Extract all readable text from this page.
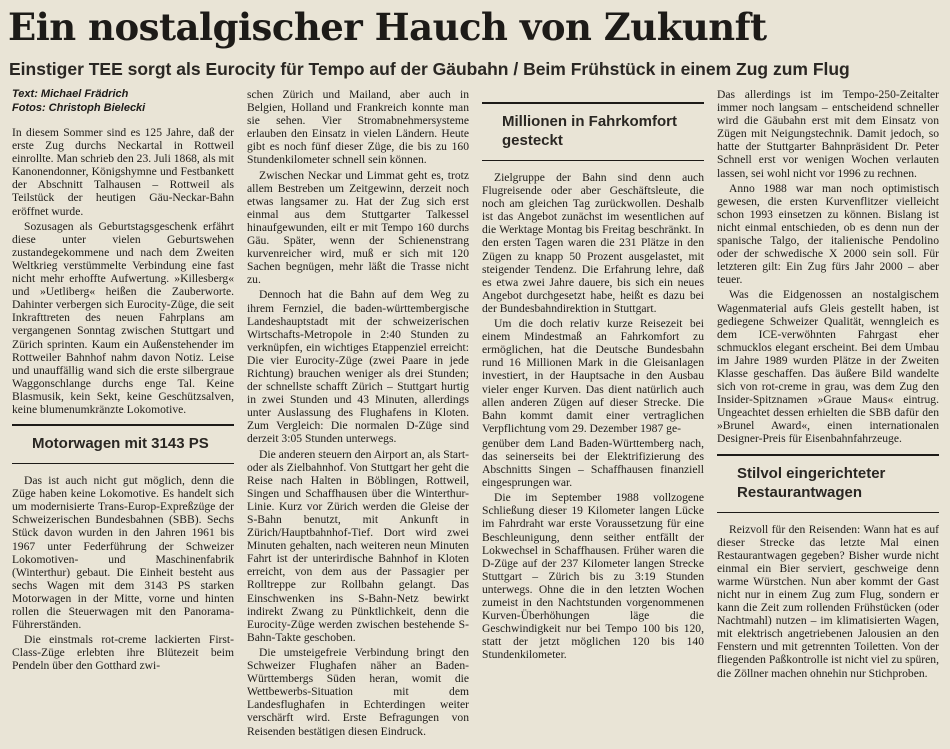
Ein nostalgischer Hauch von Zukunft
Einstiger TEE sorgt als Eurocity für Tempo auf der Gäubahn / Beim Frühstück in einem Zug zum Flug
Text: Michael Frädrich
Fotos: Christoph Bielecki

In diesem Sommer sind es 125 Jahre, daß der erste Zug durchs Neckartal in Rottweil einrollte. Man schrieb den 23. Juli 1868, als mit Kanonendonner, Königshymne und Festbankett der Abschnitt Talhausen – Rottweil als Teilstück der heutigen Gäu-Neckar-Bahn eröffnet wurde.

Sozusagen als Geburtstagsgeschenk erfährt diese unter vielen Geburtswehen zustandegekommene und nach dem Zweiten Weltkrieg verstümmelte Verbindung eine fast nicht mehr erhoffte Aufwertung. »Killesberg« und »Uetliberg« heißen die Zauberworte. Dahinter verbergen sich Eurocity-Züge, die seit Inkrafttreten des neuen Fahrplans am vergangenen Sonntag zwischen Stuttgart und Zürich sprinten. Kaum ein Außenstehender im Rottweiler Bahnhof nahm davon Notiz. Leise und unauffällig wand sich die erste silbergraue Waggonschlange durchs enge Tal. Keine Blasmusik, kein Sekt, keine Geschützsalven, keine blumenumkränzte Lokomotive.

Motorwagen mit 3143 PS

Das ist auch nicht gut möglich, denn die Züge haben keine Lokomotive. Es handelt sich um modernisierte Trans-Europ-Expreßzüge der Schweizerischen Bundesbahnen (SBB). Sechs Stück davon wurden in den Jahren 1961 bis 1967 unter Federführung der Schweizer Lokomotiven- und Maschinenfabrik (Winterthur) gebaut. Die Einheit besteht aus sechs Wagen mit dem 3143 PS starken Motorwagen in der Mitte, vorne und hinten rollen die Steuerwagen mit den Panorama-Führerständen.

Die einstmals rot-creme lackierten First-Class-Züge erlebten ihre Blütezeit beim Pendeln über den Gotthard zwi-

schen Zürich und Mailand, aber auch in Belgien, Holland und Frankreich konnte man sie sehen. Vier Stromabnehmersysteme erlauben den Einsatz in vielen Ländern. Heute gibt es noch fünf dieser Züge, die bis zu 160 Stundenkilometer schnell sein können.

Zwischen Neckar und Limmat geht es, trotz allem Bestreben um Zeitgewinn, derzeit noch etwas langsamer zu. Hat der Zug sich erst einmal aus dem Stuttgarter Talkessel hinaufgewunden, eilt er mit Tempo 160 durchs Gäu. Später, wenn der Schienenstrang kurvenreicher wird, muß er sich mit 120 Sachen begnügen, mehr läßt die Trasse nicht zu.

Dennoch hat die Bahn auf dem Weg zu ihrem Fernziel, die baden-württembergische Landeshauptstadt mit der schweizerischen Wirtschafts-Metropole in 2:40 Stunden zu verknüpfen, ein wichtiges Etappenziel erreicht: Die vier Eurocity-Züge (zwei Paare in jede Richtung) brauchen weniger als drei Stunden; der schnellste schafft Zürich – Stuttgart hurtig in zwei Stunden und 43 Minuten, allerdings unter Auslassung des Flughafens in Kloten. Zum Vergleich: Die normalen D-Züge sind derzeit 3:05 Stunden unterwegs.

Die anderen steuern den Airport an, als Start- oder als Zielbahnhof. Von Stuttgart her geht die Reise nach Halten in Böblingen, Rottweil, Singen und Schaffhausen über die Winterthur-Linie. Kurz vor Zürich werden die Gleise der S-Bahn benutzt, mit Ankunft in Zürich/Hauptbahnhof-Tief. Dort wird zwei Minuten gehalten, nach weiteren neun Minuten Fahrt ist der unterirdische Bahnhof in Kloten erreicht, von dem aus der Passagier per Rolltreppe zur Rollbahn gelangt. Das Einschwenken ins S-Bahn-Netz bewirkt indirekt Zwang zu Pünktlichkeit, denn die Eurocity-Züge werden zwischen bestehende S-Bahn-Takte geschoben.

Die umsteigefreie Verbindung bringt den Schweizer Flughafen näher an Baden-Württembergs Süden heran, womit die Wettbewerbs-Situation mit dem Landesflughafen in Echterdingen weiter verschärft wird. Erste Befragungen von Reisenden bestätigen diesen Eindruck.

Millionen in Fahrkomfort gesteckt

Zielgruppe der Bahn sind denn auch Flugreisende oder aber Geschäftsleute, die noch am gleichen Tag zurückwollen. Deshalb ist das Angebot zunächst im wesentlichen auf die Werktage Montag bis Freitag beschränkt. In den ersten Tagen waren die 231 Plätze in den Zügen zu knapp 50 Prozent ausgelastet, mit steigender Tendenz. Die Erfahrung lehre, daß es etwa zwei Jahre dauere, bis sich ein neues Angebot durchgesetzt habe, heißt es dazu bei der Bundesbahndirektion in Stuttgart.

Um die doch relativ kurze Reisezeit bei einem Mindestmaß an Fahrkomfort zu ermöglichen, hat die Deutsche Bundesbahn rund 16 Millionen Mark in die Gleisanlagen investiert, in der Hauptsache in den Ausbau vieler enger Kurven. Das dient natürlich auch allen anderen Zügen auf dieser Strecke. Die Bahn kommt damit einer vertraglichen Verpflichtung vom 29. Dezember 1987 ge-

genüber dem Land Baden-Württemberg nach, das seinerseits bei der Elektrifizierung des Abschnitts Singen – Schaffhausen finanziell eingesprungen war.

Die im September 1988 vollzogene Schließung dieser 19 Kilometer langen Lücke im Fahrdraht war erste Voraussetzung für eine Beschleunigung, denn seither entfällt der Lokwechsel in Schaffhausen. Früher waren die D-Züge auf der 237 Kilometer langen Strecke Stuttgart – Zürich bis zu 3:19 Stunden unterwegs. Ohne die in den letzten Wochen zumeist in den Nachtstunden vorgenommenen Kurven-Überhöhungen läge die Geschwindigkeit nur bei Tempo 100 bis 120, statt der jetzt möglichen 120 bis 140 Stundenkilometer.

Das allerdings ist im Tempo-250-Zeitalter immer noch langsam – entscheidend schneller wird die Gäubahn erst mit dem Einsatz von Zügen mit Neigungstechnik. Damit jedoch, so hatte der Stuttgarter Bahnpräsident Dr. Peter Schnell erst vor wenigen Wochen verlauten lassen, sei wohl nicht vor 1996 zu rechnen.

Anno 1988 war man noch optimistisch gewesen, die ersten Kurvenflitzer vielleicht schon 1993 einsetzen zu können. Bislang ist nicht einmal entschieden, ob es denn nun der spanische Talgo, der italienische Pendolino oder der schwedische X 2000 sein soll. Für letzteren gilt: Ein Zug fürs Jahr 2000 – aber teuer.

Was die Eidgenossen an nostalgischem Wagenmaterial aufs Gleis gestellt haben, ist gediegene Schweizer Qualität, wenngleich es dem ICE-verwöhnten Fahrgast eher schmucklos elegant erscheint. Bei dem Umbau im Jahre 1989 wurden Plätze in der Zweiten Klasse geschaffen. Das äußere Bild wandelte sich von rot-creme in grau, was dem Zug den Insider-Spitznamen »Graue Maus« eintrug. Ungeachtet dessen erhielten die SBB dafür den »Brunel Award«, einen internationalen Designer-Preis für Eisenbahnfahrzeuge.

Stilvol eingerichteter Restaurantwagen

Reizvoll für den Reisenden: Wann hat es auf dieser Strecke das letzte Mal einen Restaurantwagen gegeben? Bisher wurde nicht einmal ein Bier serviert, geschweige denn warme Würstchen. Nun aber kommt der Gast nicht nur in einem Zug zum Flug, sondern er kann die Zeit zum rollenden Frühstücken (oder Nachtmahl) nutzen – im klimatisierten Wagen, mit elektrisch angetriebenen Jalousien an den Fenstern und mit getrennten Toiletten. Von der fliegenden Paßkontrolle ist nicht viel zu spüren, die Zöllner machen ohnehin nur Stichproben.
